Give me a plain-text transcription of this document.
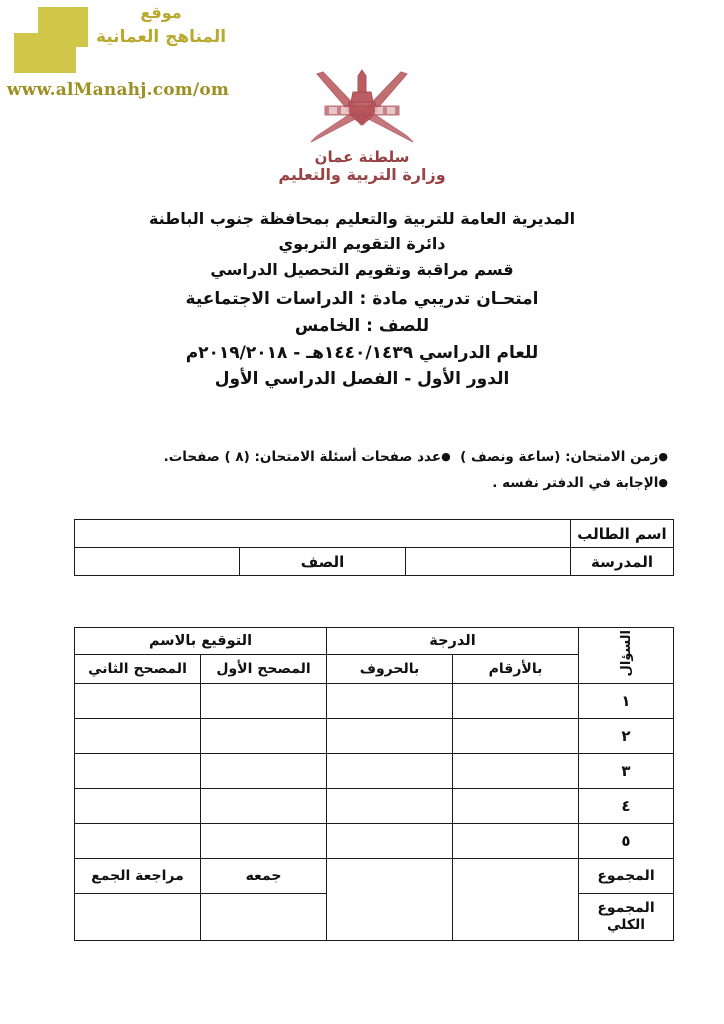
موقع
المناهج العمانية
www.alManahj.com/om
سلطنة عمان
وزارة التربية والتعليم
المديرية العامة للتربية والتعليم بمحافظة جنوب الباطنة
دائرة التقويم التربوي
قسم مراقبة وتقويم التحصيل الدراسي
امتحـان تدريبي مادة : الدراسات الاجتماعية
للصف : الخامس
للعام الدراسي ١٤٤٠/١٤٣٩هـ - ٢٠١٩/٢٠١٨م
الدور الأول - الفصل الدراسي الأول
●زمن الامتحان: (ساعة ونصف )  ●عدد صفحات أسئلة الامتحان: (٨ ) صفحات.
●الإجابة في الدفتر نفسه .
اسم الطالب			
المدرسة		الصف	
السؤال	الدرجة		التوقيع بالاسم	
	بالأرقام	بالحروف	المصحح الأول	المصحح الثاني
١				
٢				
٣				
٤				
٥				
المجموع			جمعه	مراجعة الجمع
المجموع
الكلي				
